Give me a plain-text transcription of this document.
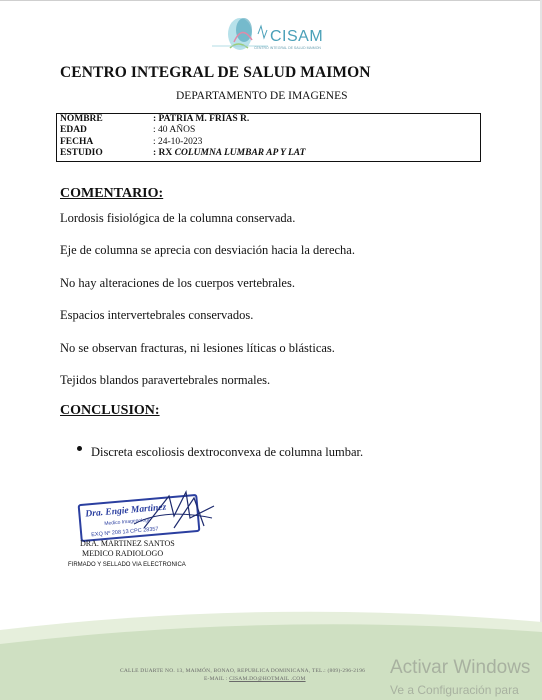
CISAM
CENTRO INTEGRAL DE SALUD MAIMON
CENTRO INTEGRAL DE SALUD MAIMON
DEPARTAMENTO DE IMAGENES
NOMBRE	: PATRIA M. FRIAS R.
EDAD	: 40 AÑOS
FECHA	: 24-10-2023
ESTUDIO	: RX COLUMNA LUMBAR AP Y LAT
COMENTARIO:
Lordosis fisiológica de la columna conservada.
Eje de columna se aprecia con desviación hacia la derecha.
No hay alteraciones de los cuerpos vertebrales.
Espacios intervertebrales conservados.
No se observan fracturas, ni lesiones líticas o blásticas.
Tejidos blandos paravertebrales normales.
CONCLUSION:
Discreta escoliosis dextroconvexa de columna lumbar.
Dra. Engie Martinez
Medico Imagenologo
EXQ Nº 208 13 CPC 28357
DRA. MARTINEZ SANTOS
MEDICO RADIOLOGO
FIRMADO Y SELLADO VIA ELECTRONICA
CALLE DUARTE NO. 13, MAIMÓN, BONAO, REPUBLICA DOMINICANA, TEL.: (809)-296-2196
E-MAIL : CISAM.DO@HOTMAIL .COM
Activar Windows
Ve a Configuración para
